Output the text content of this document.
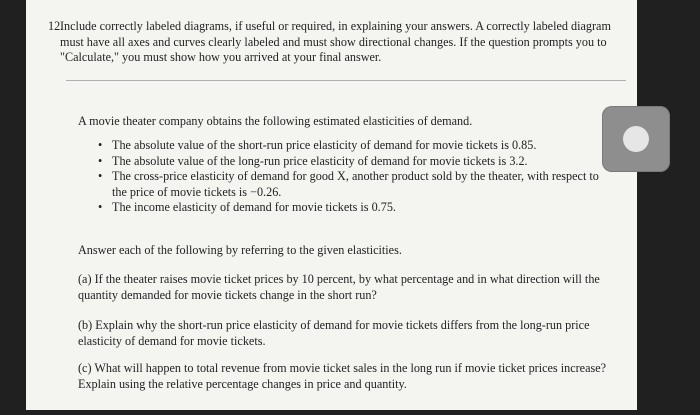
12.

Include correctly labeled diagrams, if useful or required, in explaining your answers. A correctly labeled diagram must have all axes and curves clearly labeled and must show directional changes. If the question prompts you to "Calculate," you must show how you arrived at your final answer.

A movie theater company obtains the following estimated elasticities of demand.

• The absolute value of the short-run price elasticity of demand for movie tickets is 0.85.
• The absolute value of the long-run price elasticity of demand for movie tickets is 3.2.
• The cross-price elasticity of demand for good X, another product sold by the theater, with respect to the price of movie tickets is −0.26.
• The income elasticity of demand for movie tickets is 0.75.

Answer each of the following by referring to the given elasticities.

(a) If the theater raises movie ticket prices by 10 percent, by what percentage and in what direction will the quantity demanded for movie tickets change in the short run?

(b) Explain why the short-run price elasticity of demand for movie tickets differs from the long-run price elasticity of demand for movie tickets.

(c) What will happen to total revenue from movie ticket sales in the long run if movie ticket prices increase? Explain using the relative percentage changes in price and quantity.
